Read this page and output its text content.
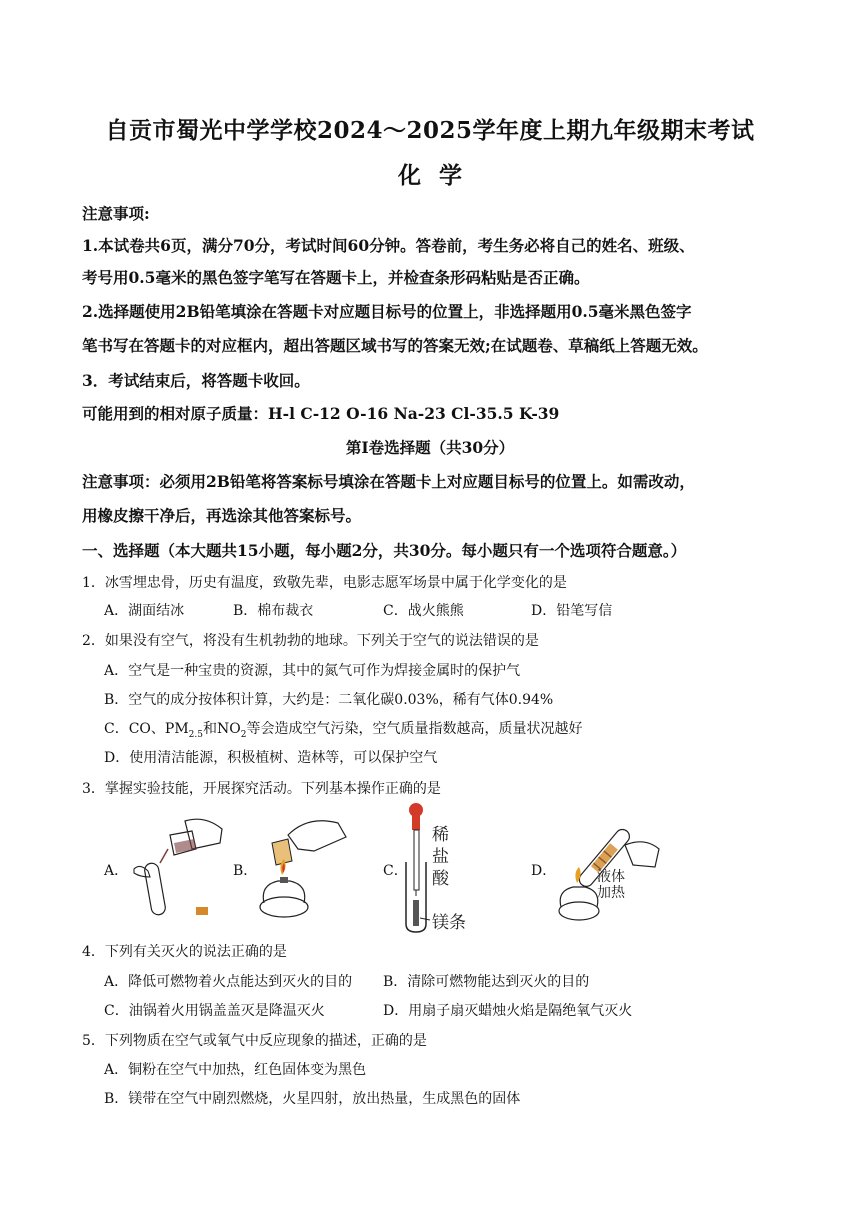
自贡市蜀光中学学校2024～2025学年度上期九年级期末考试
化 学
注意事项:
1.本试卷共6页，满分70分，考试时间60分钟。答卷前，考生务必将自己的姓名、班级、
考号用0.5毫米的黑色签字笔写在答题卡上，并检查条形码粘贴是否正确。
2.选择题使用2B铅笔填涂在答题卡对应题目标号的位置上，非选择题用0.5毫米黑色签字
笔书写在答题卡的对应框内，超出答题区域书写的答案无效;在试题卷、草稿纸上答题无效。
3．考试结束后，将答题卡收回。
可能用到的相对原子质量：H-l C-12 O-16 Na-23 Cl-35.5 K-39
第Ⅰ卷选择题（共30分）
注意事项：必须用2B铅笔将答案标号填涂在答题卡上对应题目标号的位置上。如需改动，
用橡皮擦干净后，再选涂其他答案标号。
一、选择题（本大题共15小题，每小题2分，共30分。每小题只有一个选项符合题意。）
1．冰雪埋忠骨，历史有温度，致敬先辈，电影志愿军场景中属于化学变化的是
A．湖面结冰	B．棉布裁衣	C．战火熊熊	D．铅笔写信
2．如果没有空气，将没有生机勃勃的地球。下列关于空气的说法错误的是
A．空气是一种宝贵的资源，其中的氮气可作为焊接金属时的保护气
B．空气的成分按体积计算，大约是：二氧化碳0.03%，稀有气体0.94%
C．CO、$PM_{2.5}$和$NO_2$等会造成空气污染，空气质量指数越高，质量状况越好
D．使用清洁能源，积极植树、造林等，可以保护空气
3．掌握实验技能，开展探究活动。下列基本操作正确的是
A．	B．	C．	D．
稀
盐
酸
镁条
液体
加热
4．下列有关灭火的说法正确的是
A．降低可燃物着火点能达到灭火的目的 B．清除可燃物能达到灭火的目的
C．油锅着火用锅盖盖灭是降温灭火	D．用扇子扇灭蜡烛火焰是隔绝氧气灭火
5．下列物质在空气或氧气中反应现象的描述，正确的是
A．铜粉在空气中加热，红色固体变为黑色
B．镁带在空气中剧烈燃烧，火星四射，放出热量，生成黑色的固体
